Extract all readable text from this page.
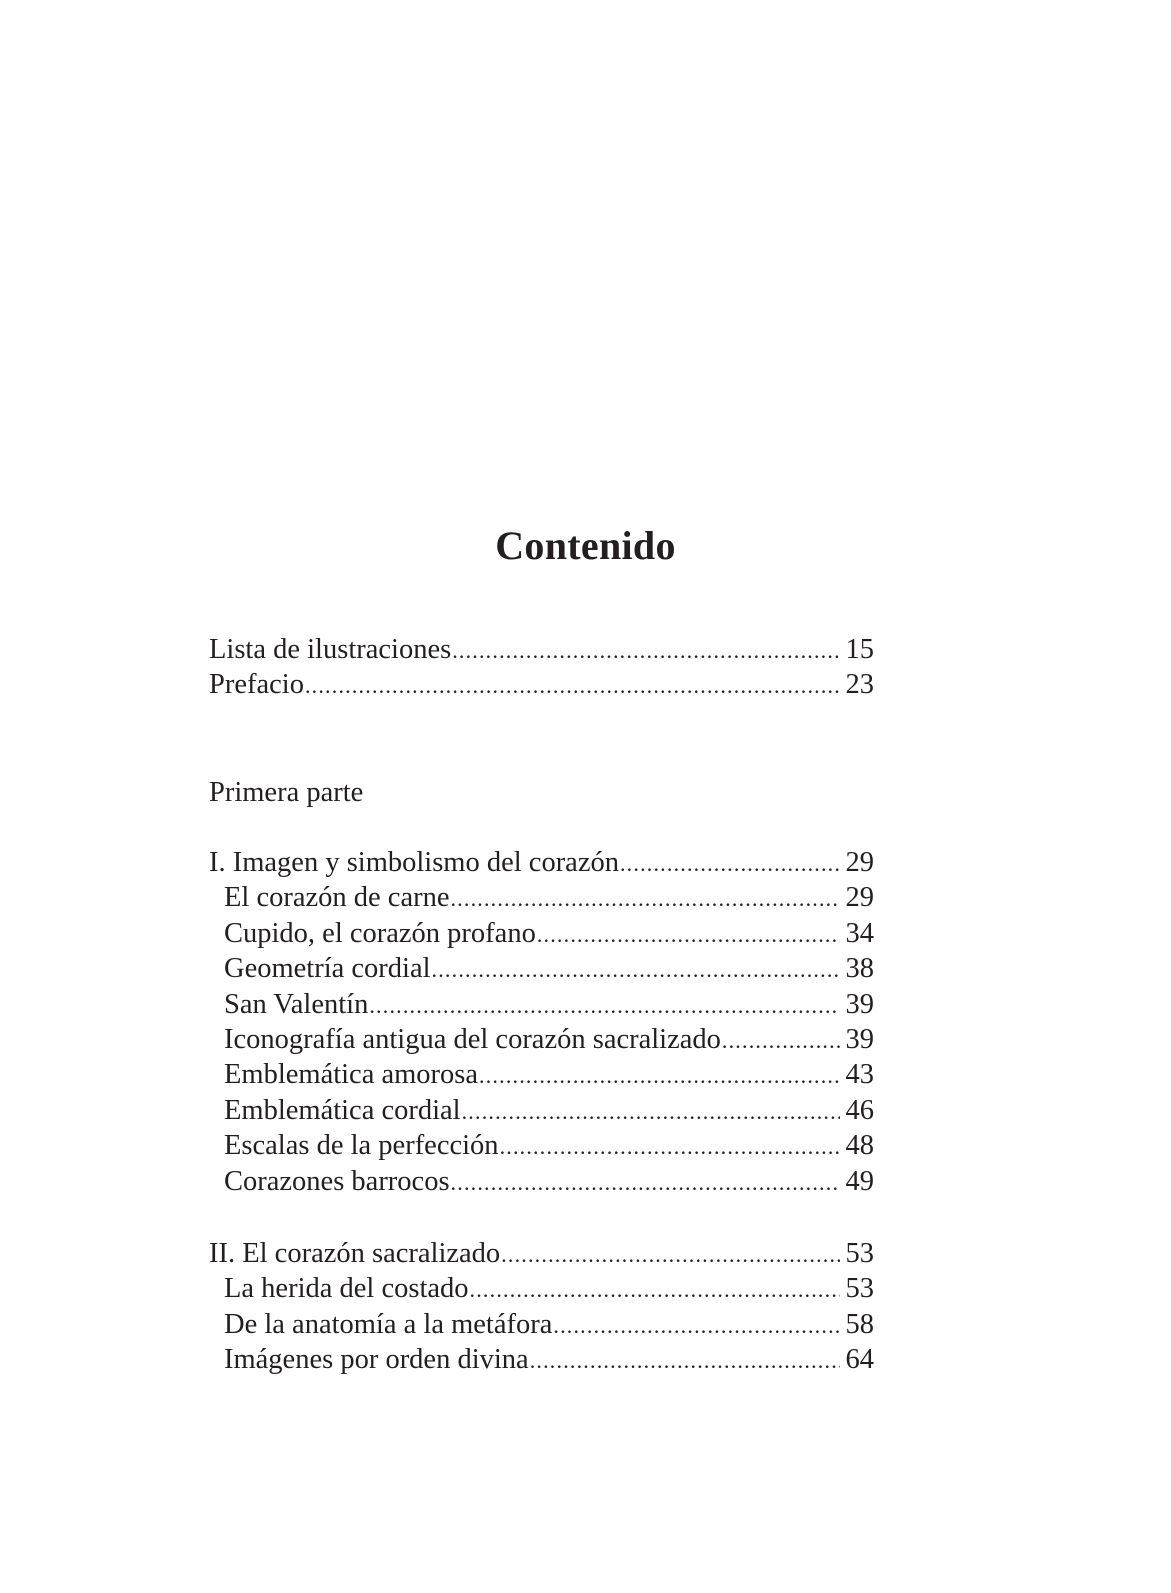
Contenido
Lista de ilustraciones .....	15
Prefacio .....	23
Primera parte
I. Imagen y simbolismo del corazón .....	29
El corazón de carne .....	29
Cupido, el corazón profano .....	34
Geometría cordial .....	38
San Valentín .....	39
Iconografía antigua del corazón sacralizado .....	39
Emblemática amorosa .....	43
Emblemática cordial .....	46
Escalas de la perfección .....	48
Corazones barrocos .....	49
II. El corazón sacralizado .....	53
La herida del costado .....	53
De la anatomía a la metáfora .....	58
Imágenes por orden divina .....	64
